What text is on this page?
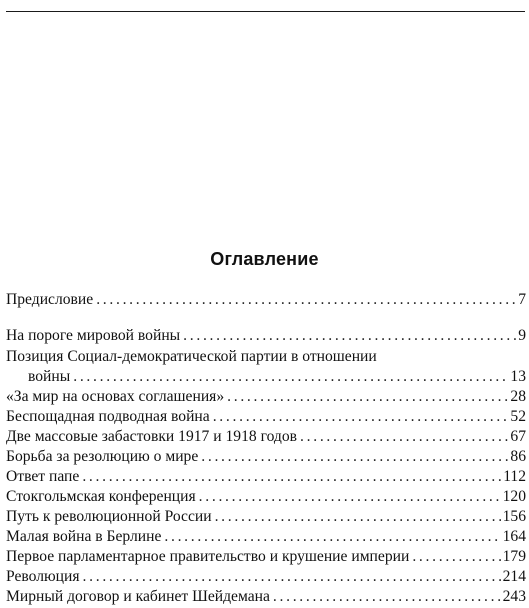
Оглавление
Предисловие . . .	7
На пороге мировой войны . . .	9
Позиция Социал-демократической партии в отношении
войны . . .	13
«За мир на основах соглашения» . . .	28
Беспощадная подводная война . . .	52
Две массовые забастовки 1917 и 1918 годов . . .	67
Борьба за резолюцию о мире . . .	86
Ответ папе . . .	112
Стокгольмская конференция . . .	120
Путь к революционной России . . .	156
Малая война в Берлине . . .	164
Первое парламентарное правительство и крушение империи . . .	179
Революция . . .	214
Мирный договор и кабинет Шейдемана . . .	243
